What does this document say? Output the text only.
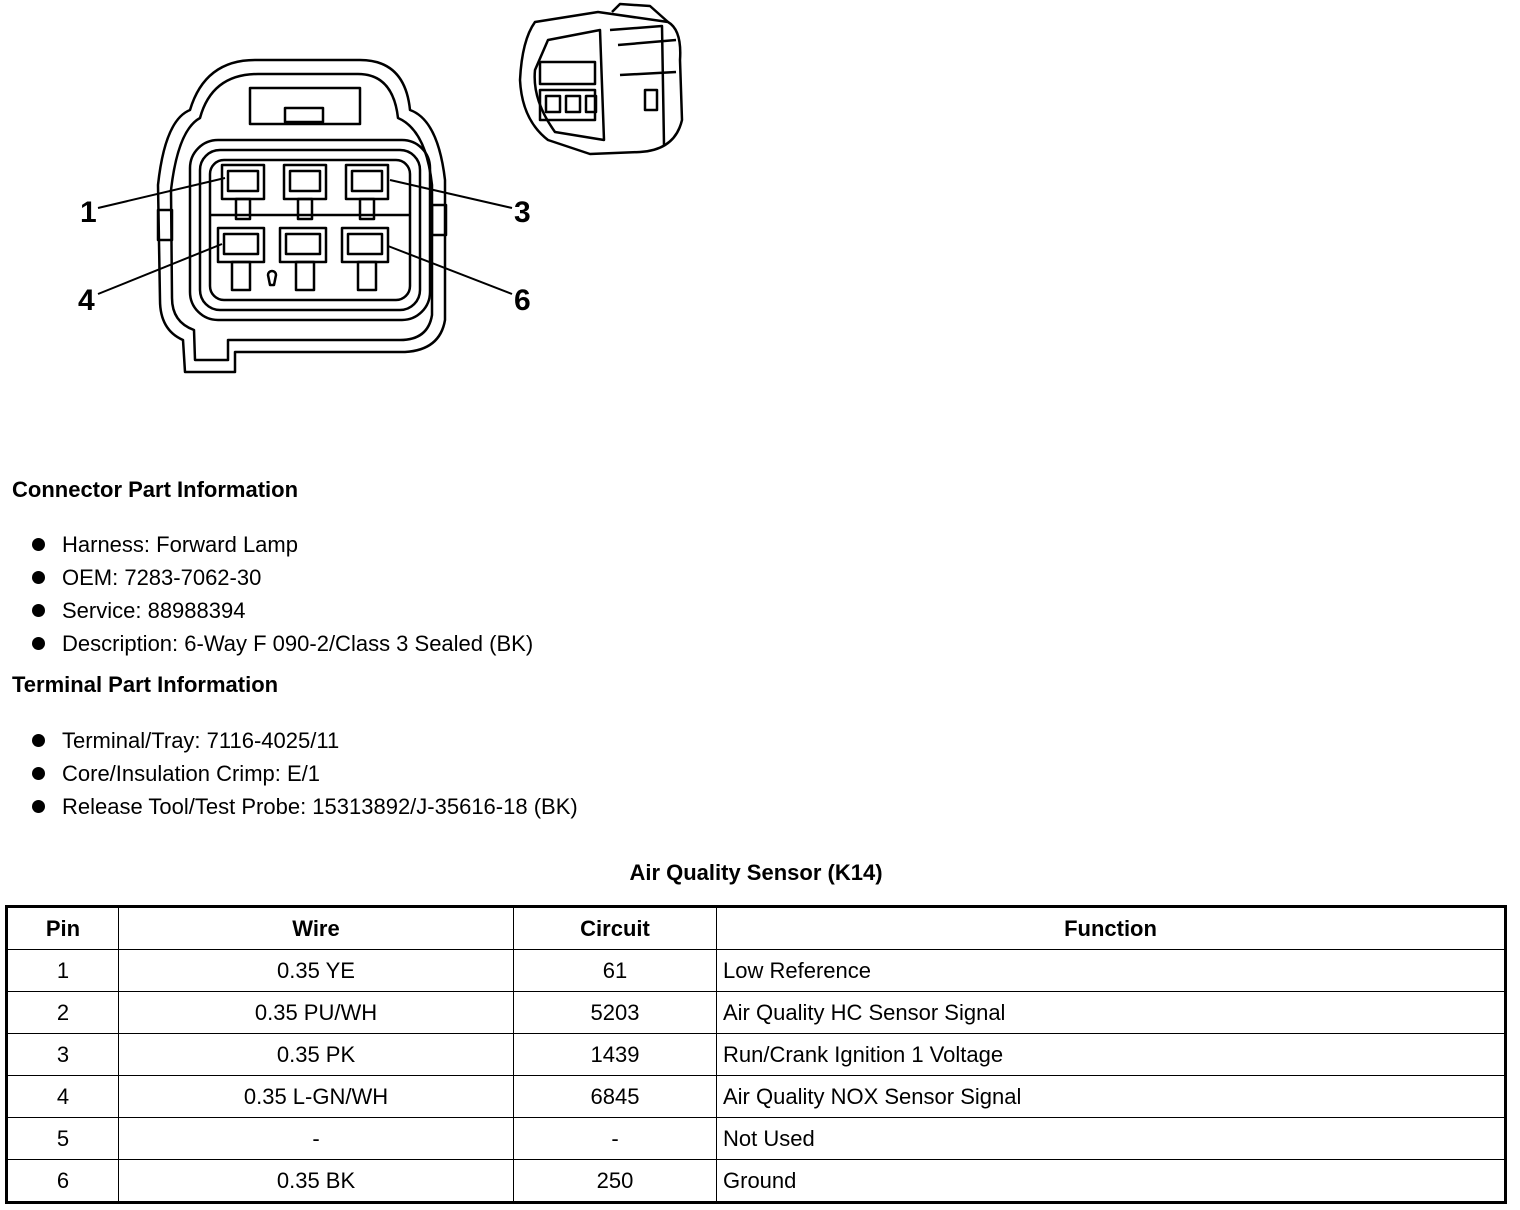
1	3
4	6
Connector Part Information
Harness: Forward Lamp
OEM: 7283-7062-30
Service: 88988394
Description: 6-Way F 090-2/Class 3 Sealed (BK)
Terminal Part Information
Terminal/Tray: 7116-4025/11
Core/Insulation Crimp: E/1
Release Tool/Test Probe: 15313892/J-35616-18 (BK)
Air Quality Sensor (K14)
Pin	Wire	Circuit	Function
1	0.35 YE	61	Low Reference
2	0.35 PU/WH	5203	Air Quality HC Sensor Signal
3	0.35 PK	1439	Run/Crank Ignition 1 Voltage
4	0.35 L-GN/WH	6845	Air Quality NOX Sensor Signal
5	-	-	Not Used
6	0.35 BK	250	Ground
